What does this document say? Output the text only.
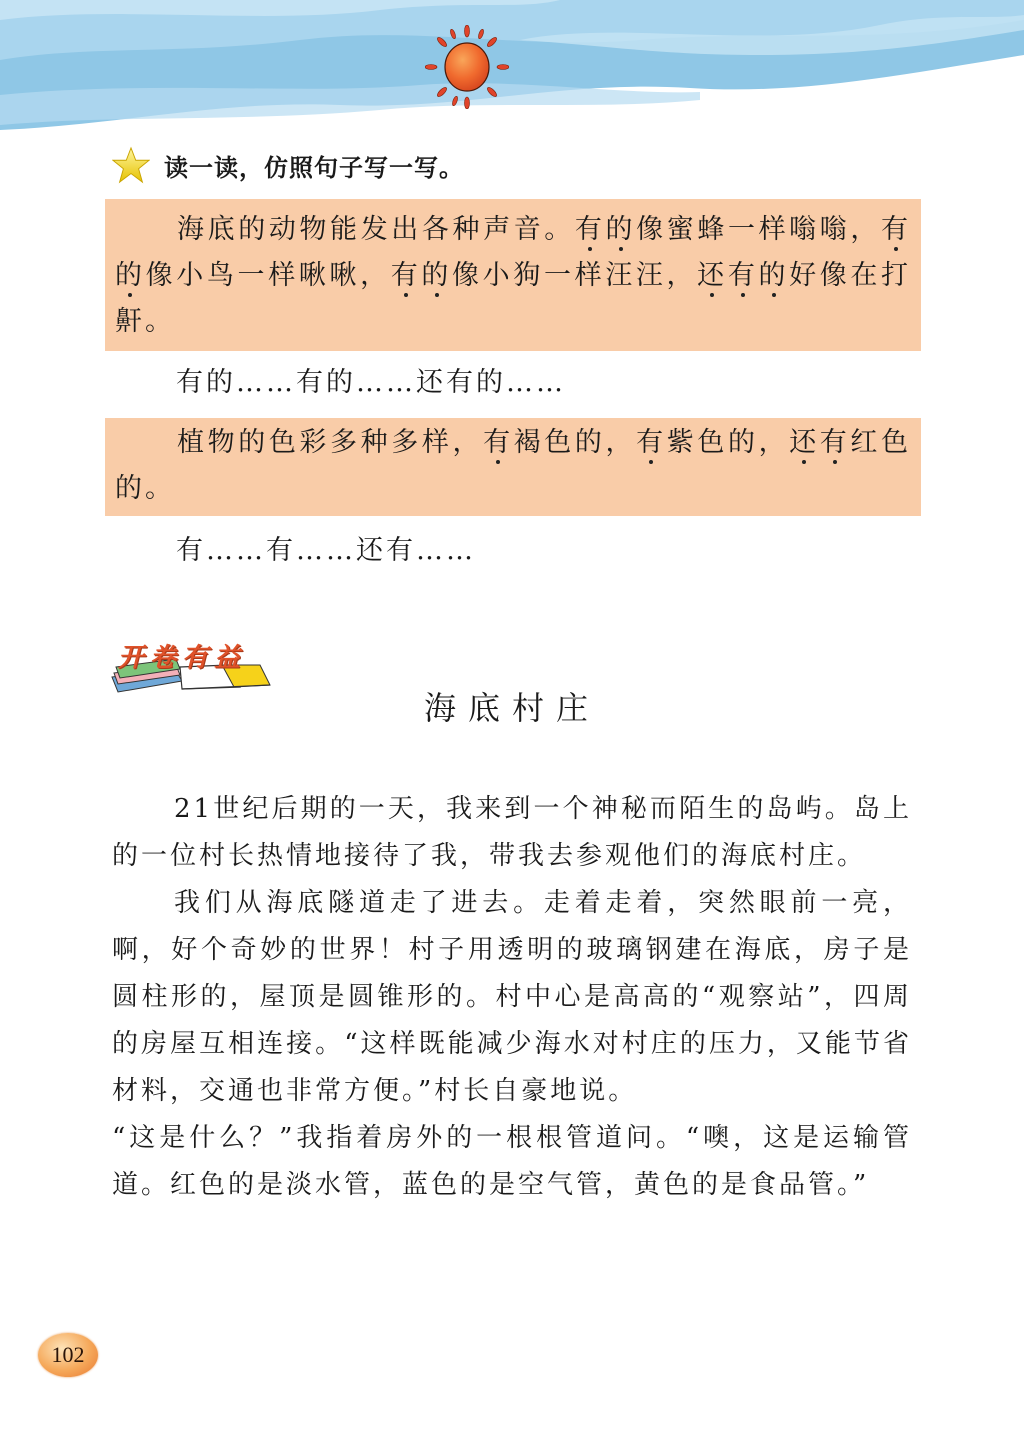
读一读，仿照句子写一写。

海底的动物能发出各种声音。有的像蜜蜂一样嗡嗡，有的像小鸟一样啾啾，有的像小狗一样汪汪，还有的好像在打鼾。

有的……有的……还有的……

植物的色彩多种多样，有褐色的，有紫色的，还有红色的。

有……有……还有……
开卷有益
海底村庄

21世纪后期的一天，我来到一个神秘而陌生的岛屿。岛上的一位村长热情地接待了我，带我去参观他们的海底村庄。

我们从海底隧道走了进去。走着走着，突然眼前一亮，啊，好个奇妙的世界！村子用透明的玻璃钢建在海底，房子是圆柱形的，屋顶是圆锥形的。村中心是高高的“观察站”，四周的房屋互相连接。“这样既能减少海水对村庄的压力，又能节省材料，交通也非常方便。”村长自豪地说。

“这是什么？”我指着房外的一根根管道问。“噢，这是运输管道。红色的是淡水管，蓝色的是空气管，黄色的是食品管。”

102
